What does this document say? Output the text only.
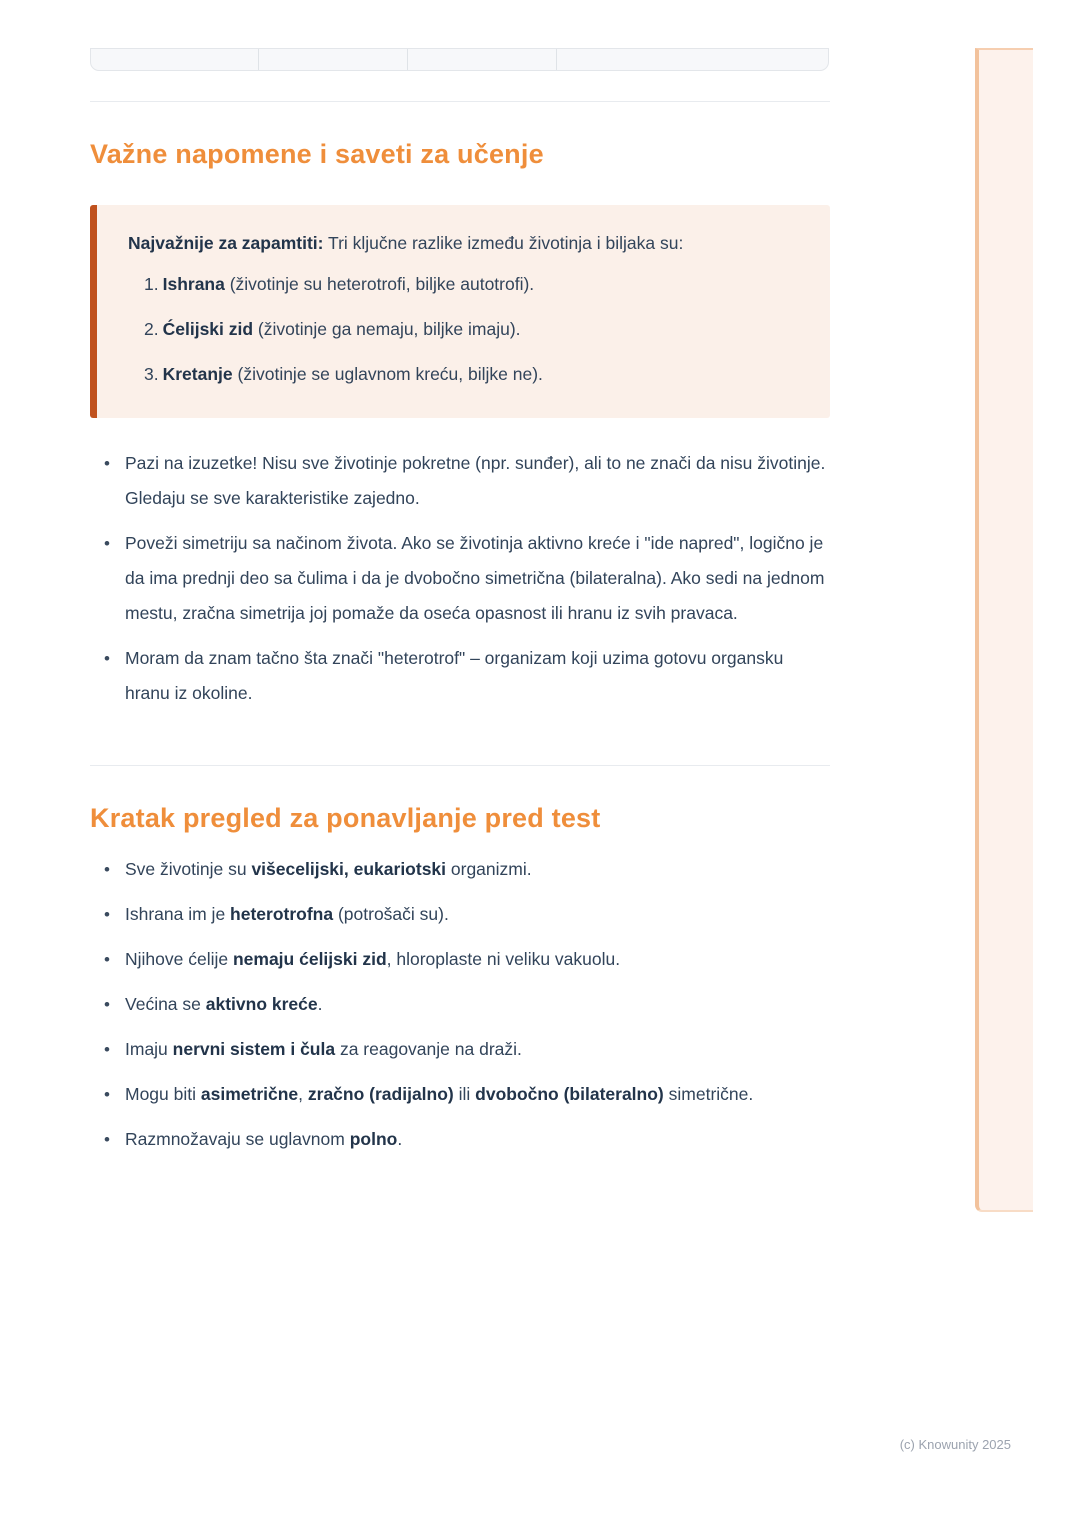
Važne napomene i saveti za učenje
Najvažnije za zapamtiti: Tri ključne razlike između životinja i biljaka su:
1. Ishrana (životinje su heterotrofi, biljke autotrofi).
2. Ćelijski zid (životinje ga nemaju, biljke imaju).
3. Kretanje (životinje se uglavnom kreću, biljke ne).
• Pazi na izuzetke! Nisu sve životinje pokretne (npr. sunđer), ali to ne znači da nisu životinje. Gledaju se sve karakteristike zajedno.
• Poveži simetriju sa načinom života. Ako se životinja aktivno kreće i "ide napred", logično je da ima prednji deo sa čulima i da je dvobočno simetrična (bilateralna). Ako sedi na jednom mestu, zračna simetrija joj pomaže da oseća opasnost ili hranu iz svih pravaca.
• Moram da znam tačno šta znači "heterotrof" – organizam koji uzima gotovu organsku hranu iz okoline.
Kratak pregled za ponavljanje pred test
• Sve životinje su višecelijski, eukariotski organizmi.
• Ishrana im je heterotrofna (potrošači su).
• Njihove ćelije nemaju ćelijski zid, hloroplaste ni veliku vakuolu.
• Većina se aktivno kreće.
• Imaju nervni sistem i čula za reagovanje na draži.
• Mogu biti asimetrične, zračno (radijalno) ili dvobočno (bilateralno) simetrične.
• Razmnožavaju se uglavnom polno.
(c) Knowunity 2025
